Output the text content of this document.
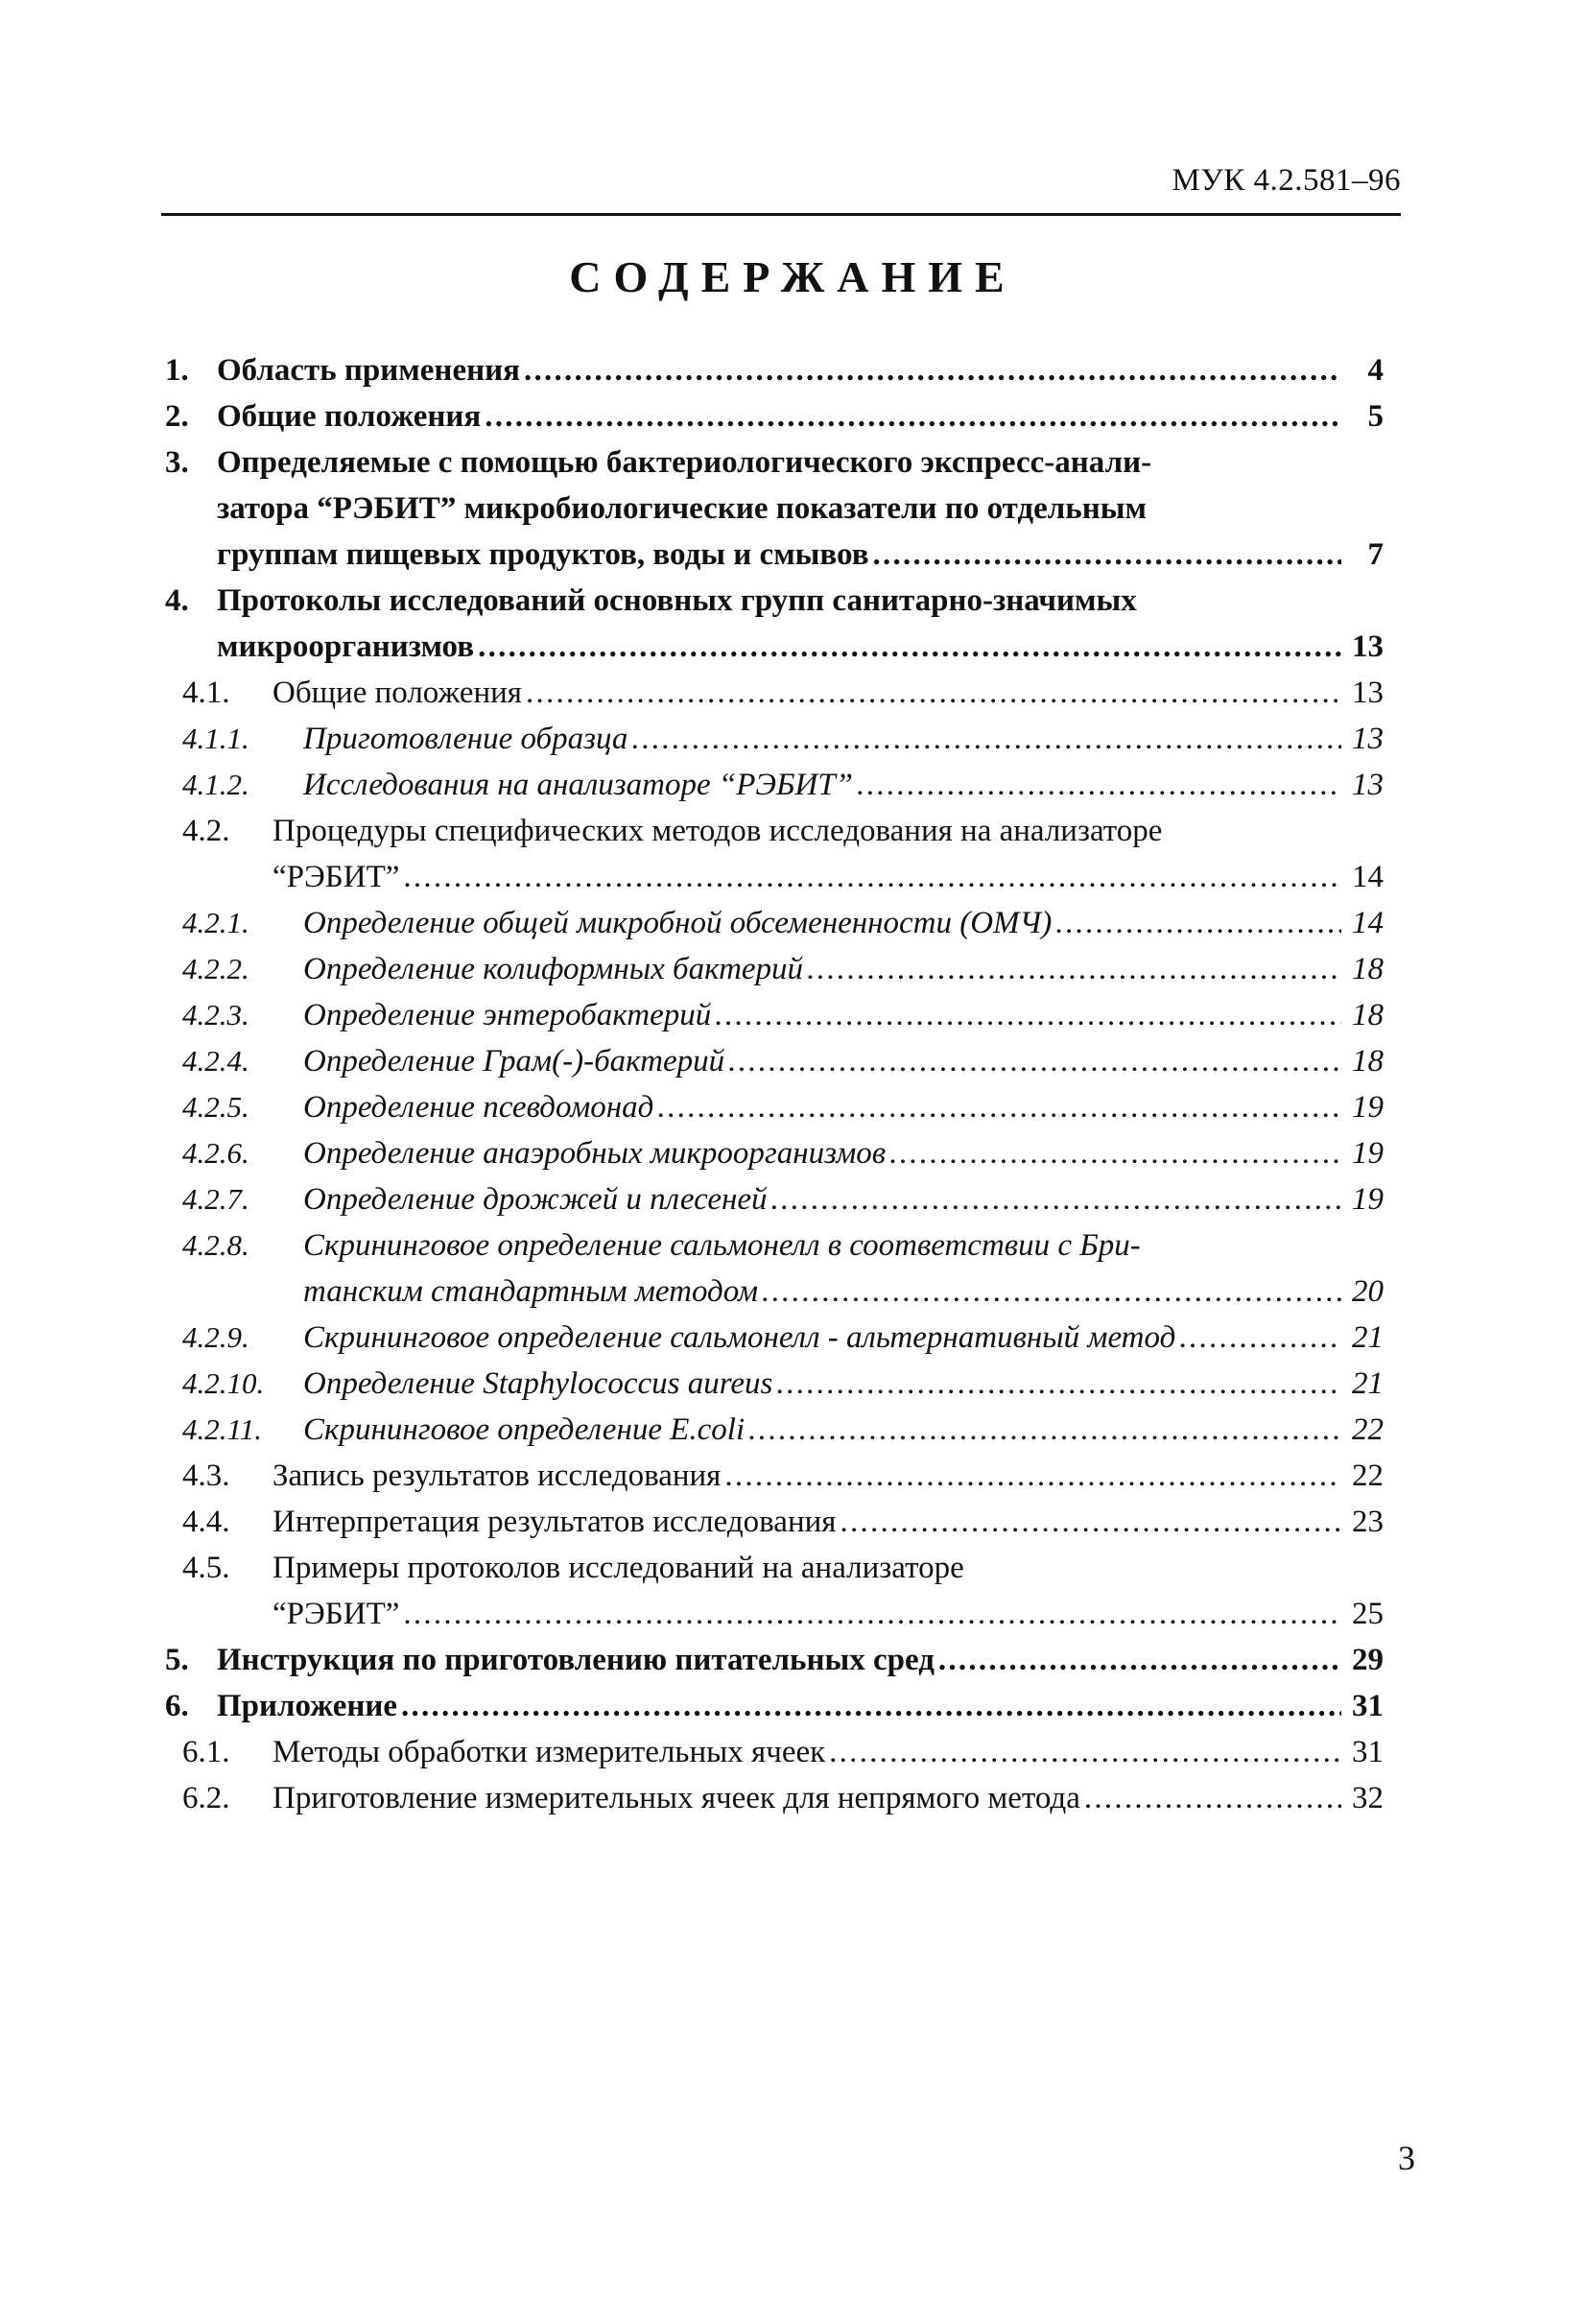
МУК 4.2.581–96
СОДЕРЖАНИЕ
1. Область применения . . .	4
2. Общие положения . . .	5
3. Определяемые с помощью бактериологического экспресс-анали-
затора “РЭБИТ” микробиологические показатели по отдельным
группам пищевых продуктов, воды и смывов . . .	7
4. Протоколы исследований основных групп санитарно-значимых
микроорганизмов . . .	13
4.1.	Общие положения . . .	13
4.1.1.	Приготовление образца . . .	13
4.1.2.	Исследования на анализаторе “РЭБИТ” . . .	13
4.2.	Процедуры специфических методов исследования на анализаторе
“РЭБИТ” . . .	14
4.2.1.	Определение общей микробной обсемененности (ОМЧ) . . .	14
4.2.2.	Определение колиформных бактерий . . .	18
4.2.3.	Определение энтеробактерий . . .	18
4.2.4.	Определение Грам(-)-бактерий . . .	18
4.2.5.	Определение псевдомонад . . .	19
4.2.6.	Определение анаэробных микроорганизмов . . .	19
4.2.7.	Определение дрожжей и плесеней . . .	19
4.2.8.	Скрининговое определение сальмонелл в соответствии с Бри-
танским стандартным методом . . .	20
4.2.9.	Скрининговое определение сальмонелл - альтернативный метод . . .	21
4.2.10.	Определение Staphylococcus aureus . . .	21
4.2.11.	Скрининговое определение E.coli . . .	22
4.3.	Запись результатов исследования . . .	22
4.4.	Интерпретация результатов исследования . . .	23
4.5.	Примеры протоколов исследований на анализаторе
“РЭБИТ” . . .	25
5. Инструкция по приготовлению питательных сред . . .	29
6. Приложение . . .	31
6.1.	Методы обработки измерительных ячеек . . .	31
6.2.	Приготовление измерительных ячеек для непрямого метода . . .	32
3
